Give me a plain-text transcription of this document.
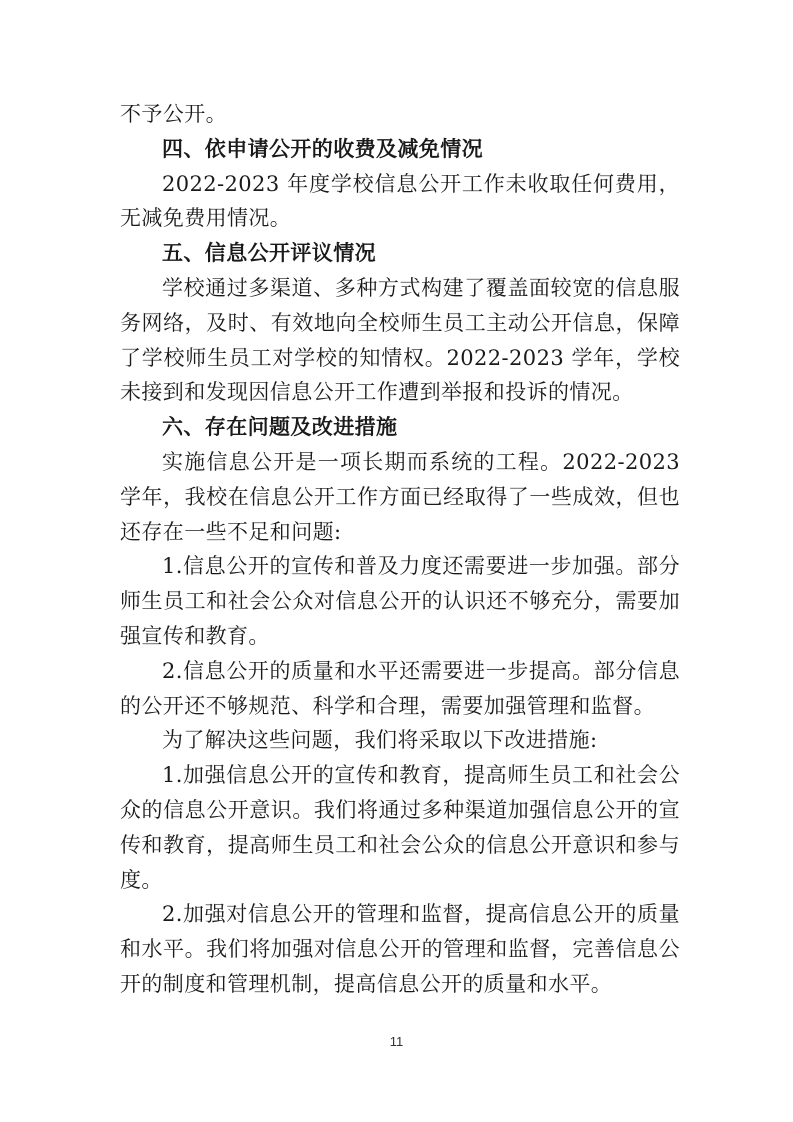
不予公开。

四、依申请公开的收费及减免情况

2022-2023 年度学校信息公开工作未收取任何费用，无减免费用情况。

五、信息公开评议情况

学校通过多渠道、多种方式构建了覆盖面较宽的信息服务网络，及时、有效地向全校师生员工主动公开信息，保障了学校师生员工对学校的知情权。2022-2023 学年，学校未接到和发现因信息公开工作遭到举报和投诉的情况。

六、存在问题及改进措施

实施信息公开是一项长期而系统的工程。2022-2023 学年，我校在信息公开工作方面已经取得了一些成效，但也还存在一些不足和问题:

1.信息公开的宣传和普及力度还需要进一步加强。部分师生员工和社会公众对信息公开的认识还不够充分，需要加强宣传和教育。

2.信息公开的质量和水平还需要进一步提高。部分信息的公开还不够规范、科学和合理，需要加强管理和监督。

为了解决这些问题，我们将采取以下改进措施:

1.加强信息公开的宣传和教育，提高师生员工和社会公众的信息公开意识。我们将通过多种渠道加强信息公开的宣传和教育，提高师生员工和社会公众的信息公开意识和参与度。

2.加强对信息公开的管理和监督，提高信息公开的质量和水平。我们将加强对信息公开的管理和监督，完善信息公开的制度和管理机制，提高信息公开的质量和水平。

11
